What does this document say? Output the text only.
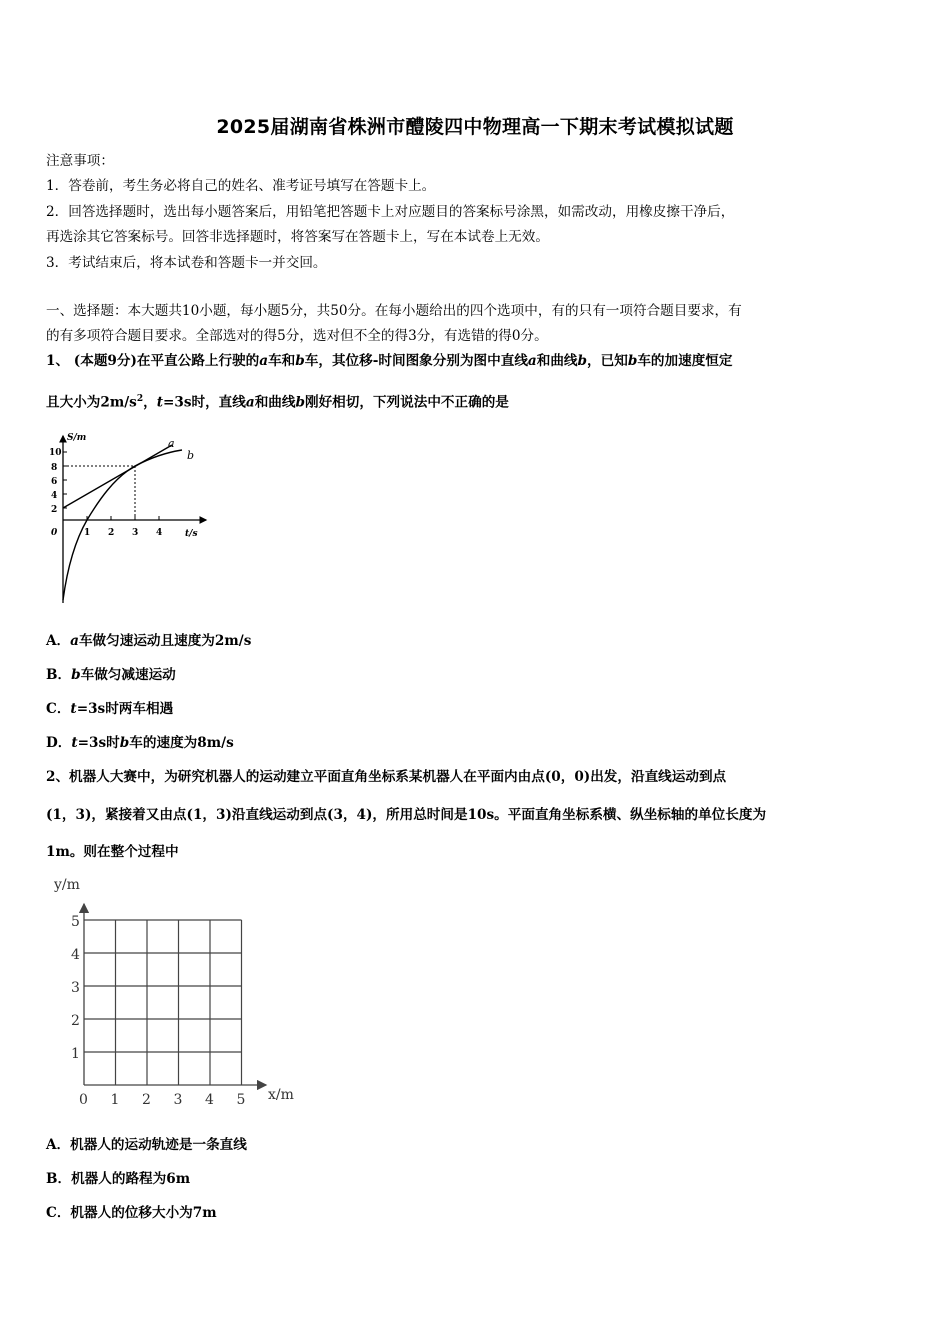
2025届湖南省株洲市醴陵四中物理高一下期末考试模拟试题
注意事项：
1．答卷前，考生务必将自己的姓名、准考证号填写在答题卡上。
2．回答选择题时，选出每小题答案后，用铅笔把答题卡上对应题目的答案标号涂黑，如需改动，用橡皮擦干净后，
再选涂其它答案标号。回答非选择题时，将答案写在答题卡上，写在本试卷上无效。
3．考试结束后，将本试卷和答题卡一并交回。
一、选择题：本大题共10小题，每小题5分，共50分。在每小题给出的四个选项中，有的只有一项符合题目要求，有
的有多项符合题目要求。全部选对的得5分，选对但不全的得3分，有选错的得0分。
1、 (本题9分)在平直公路上行驶的a车和b车，其位移-时间图象分别为图中直线a和曲线b，已知b车的加速度恒定
且大小为$2m/s^2$，t=3s时，直线a和曲线b刚好相切，下列说法中不正确的是
S/m
t/s
10
8
6
4
2
0	1 2 3 4
a
b
A．a车做匀速运动且速度为2m/s
B．b车做匀减速运动
C．t=3s时两车相遇
D．t=3s时b车的速度为8m/s
2、机器人大赛中，为研究机器人的运动建立平面直角坐标系某机器人在平面内由点(0，0)出发，沿直线运动到点
(1，3)，紧接着又由点(1，3)沿直线运动到点(3，4)，所用总时间是10s。平面直角坐标系横、纵坐标轴的单位长度为
1m。则在整个过程中
y/m
x/m
0 1 2 3 4 5
1
2
3
4
5
A．机器人的运动轨迹是一条直线
B．机器人的路程为6m
C．机器人的位移大小为7m
